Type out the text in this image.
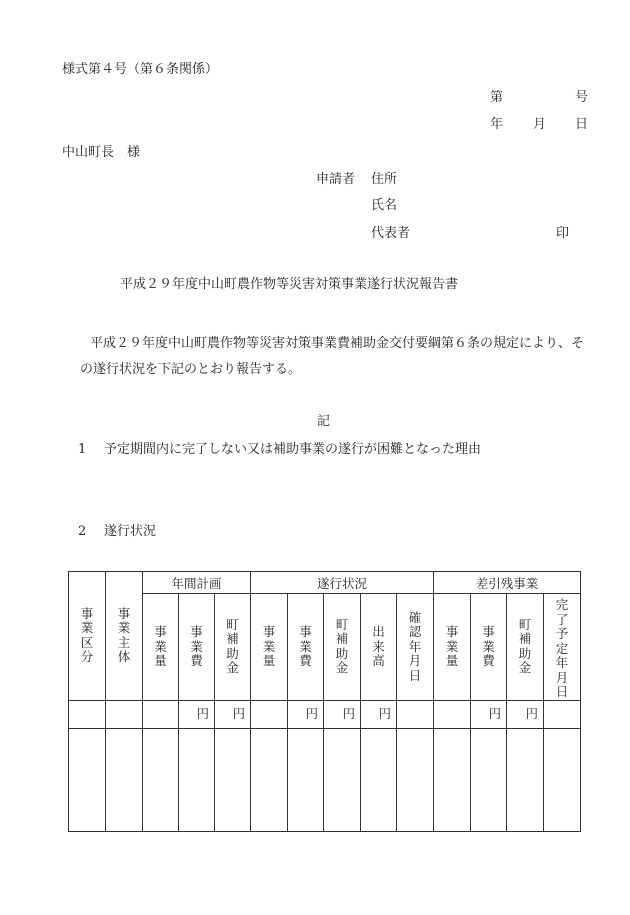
様式第４号（第６条関係）
第	号
年 月 日
中山町長　様
申請者 住所
氏名
代表者	印
平成２９年度中山町農作物等災害対策事業遂行状況報告書
平成２９年度中山町農作物等災害対策事業費補助金交付要綱第６条の規定により、その遂行状況を下記のとおり報告する。
記
1 予定期間内に完了しない又は補助事業の遂行が困難となった理由
2 遂行状況
事業区分	事業主体	年間計画			遂行状況					差引残事業			
		事業量	事業費	町補助金	事業量	事業費	町補助金	出来高	確認年月日	事業量	事業費	町補助金	完了予定年月日
			円	円		円	円	円			円	円	
